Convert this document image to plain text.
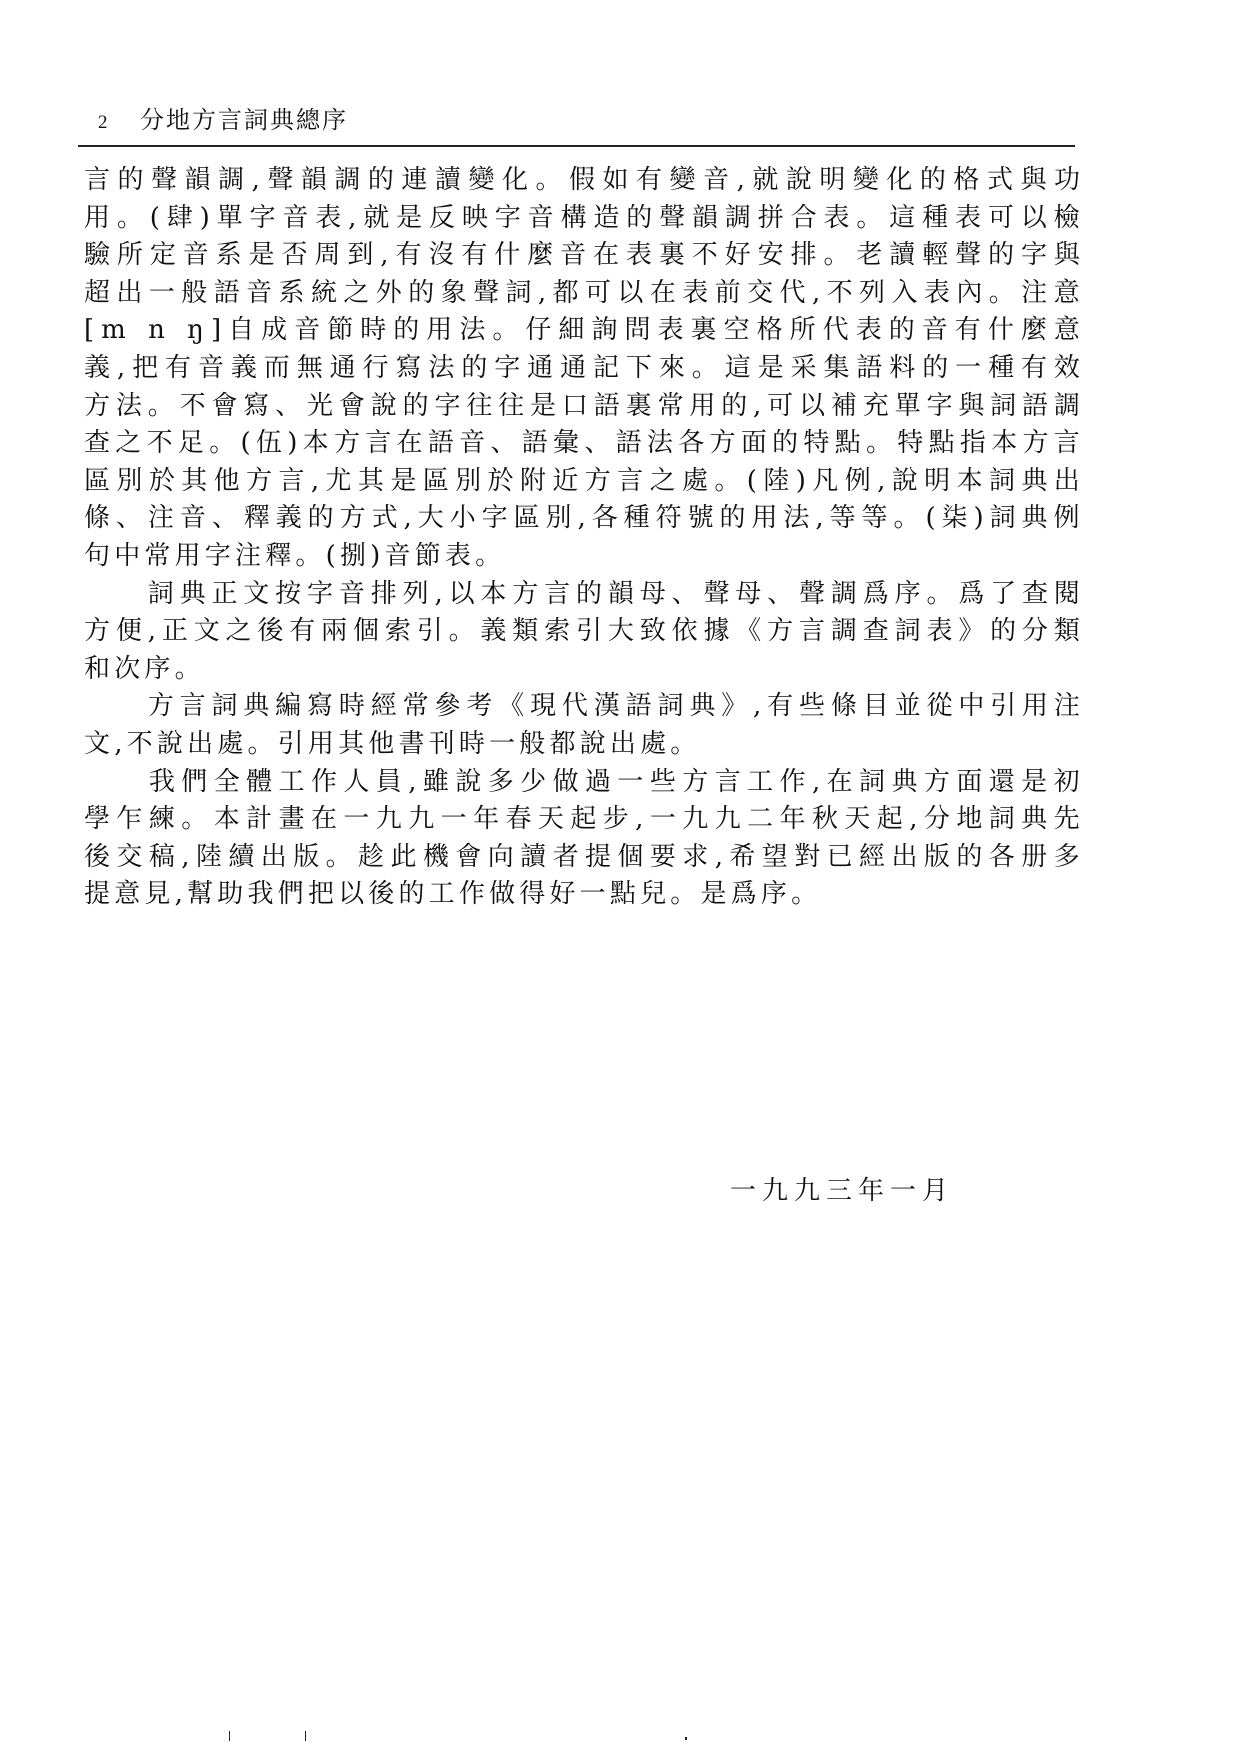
2	分地方言詞典總序
言 的 聲 韻 調 , 聲 韻 調 的 連 讀 變 化 。 假 如 有 變 音 , 就 說 明 變 化 的 格 式 與 功
用 。 ( 肆 ) 單 字 音 表 , 就 是 反 映 字 音 構 造 的 聲 韻 調 拼 合 表 。 這 種 表 可 以 檢
驗 所 定 音 系 是 否 周 到 , 有 沒 有 什 麼 音 在 表 裏 不 好 安 排 。 老 讀 輕 聲 的 字 與
超 出 一 般 語 音 系 統 之 外 的 象 聲 詞 , 都 可 以 在 表 前 交 代 , 不 列 入 表 內 。 注 意
[ m
n
ŋ ] 自 成 音 節 時 的 用 法 。 仔 細 詢 問 表 裏 空 格 所 代 表 的 音 有 什 麼 意
義 , 把 有 音 義 而 無 通 行 寫 法 的 字 通 通 記 下 來 。 這 是 采 集 語 料 的 一 種 有 效
方 法 。 不 會 寫 、 光 會 說 的 字 往 往 是 口 語 裏 常 用 的 , 可 以 補 充 單 字 與 詞 語 調
查 之 不 足 。 ( 伍 ) 本 方 言 在 語 音 、 語 彙 、 語 法 各 方 面 的 特 點 。 特 點 指 本 方 言
區 別 於 其 他 方 言 , 尤 其 是 區 別 於 附 近 方 言 之 處 。 ( 陸 ) 凡 例 , 說 明 本 詞 典 出
條 、 注 音 、 釋 義 的 方 式 , 大 小 字 區 別 , 各 種 符 號 的 用 法 , 等 等 。 ( 柒 ) 詞 典 例
句中常用字注釋。(捌)音節表。

詞 典 正 文 按 字 音 排 列 , 以 本 方 言 的 韻 母 、 聲 母 、 聲 調 爲 序 。 爲 了 查 閱
方 便 , 正 文 之 後 有 兩 個 索 引 。 義 類 索 引 大 致 依 據 《 方 言 調 查 詞 表 》 的 分 類
和次序。

方 言 詞 典 編 寫 時 經 常 參 考 《 現 代 漢 語 詞 典 》 , 有 些 條 目 並 從 中 引 用 注
文,不說出處。引用其他書刊時一般都說出處。

我 們 全 體 工 作 人 員 , 雖 說 多 少 做 過 一 些 方 言 工 作 , 在 詞 典 方 面 還 是 初
學 乍 練 。 本 計 畫 在 一 九 九 一 年 春 天 起 步 , 一 九 九 二 年 秋 天 起 , 分 地 詞 典 先
後 交 稿 , 陸 續 出 版 。 趁 此 機 會 向 讀 者 提 個 要 求 , 希 望 對 已 經 出 版 的 各 册 多
提意見,幫助我們把以後的工作做得好一點兒。是爲序。
一九九三年一月
